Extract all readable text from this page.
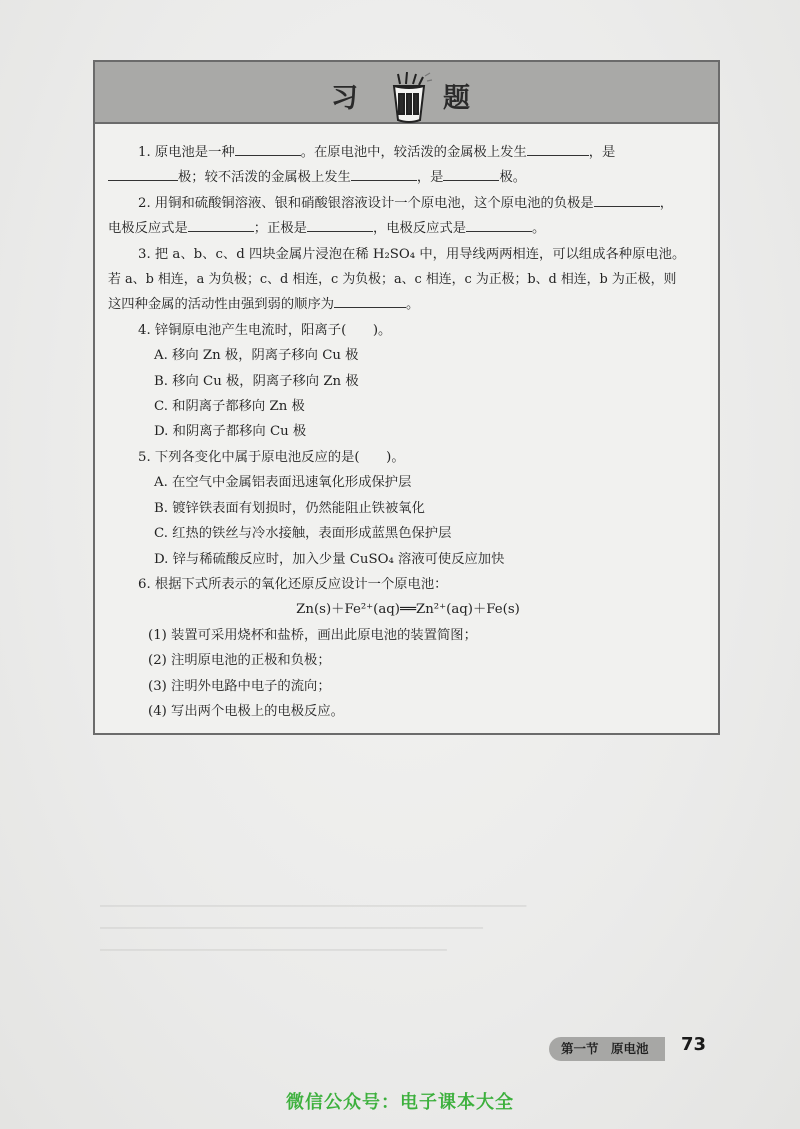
习	题
───────────────────────────────────────────────────────────
─────────────────────────────────────────────────────
────────────────────────────────────────────────

1. 原电池是一种	。在原电池中，较活泼的金属极上发生	，是

极；较不活泼的金属极上发生	，是	极。

2. 用铜和硫酸铜溶液、银和硝酸银溶液设计一个原电池，这个原电池的负极是	，

电极反应式是	；正极是	，电极反应式是	。

3. 把 a、b、c、d 四块金属片浸泡在稀 H₂SO₄ 中，用导线两两相连，可以组成各种原电池。

若 a、b 相连，a 为负极；c、d 相连，c 为负极；a、c 相连，c 为正极；b、d 相连，b 为正极，则

这四种金属的活动性由强到弱的顺序为	。

4. 锌铜原电池产生电流时，阳离子(　　)。

A. 移向 Zn 极，阴离子移向 Cu 极

B. 移向 Cu 极，阴离子移向 Zn 极

C. 和阴离子都移向 Zn 极

D. 和阴离子都移向 Cu 极

5. 下列各变化中属于原电池反应的是(　　)。

A. 在空气中金属铝表面迅速氧化形成保护层

B. 镀锌铁表面有划损时，仍然能阻止铁被氧化

C. 红热的铁丝与冷水接触，表面形成蓝黑色保护层

D. 锌与稀硫酸反应时，加入少量 CuSO₄ 溶液可使反应加快

6. 根据下式所表示的氧化还原反应设计一个原电池：

Zn(s)＋Fe²⁺(aq)══Zn²⁺(aq)＋Fe(s)

(1) 装置可采用烧杯和盐桥，画出此原电池的装置简图；

(2) 注明原电池的正极和负极；

(3) 注明外电路中电子的流向；

(4) 写出两个电极上的电极反应。

第一节　原电池	73
微信公众号：电子课本大全
